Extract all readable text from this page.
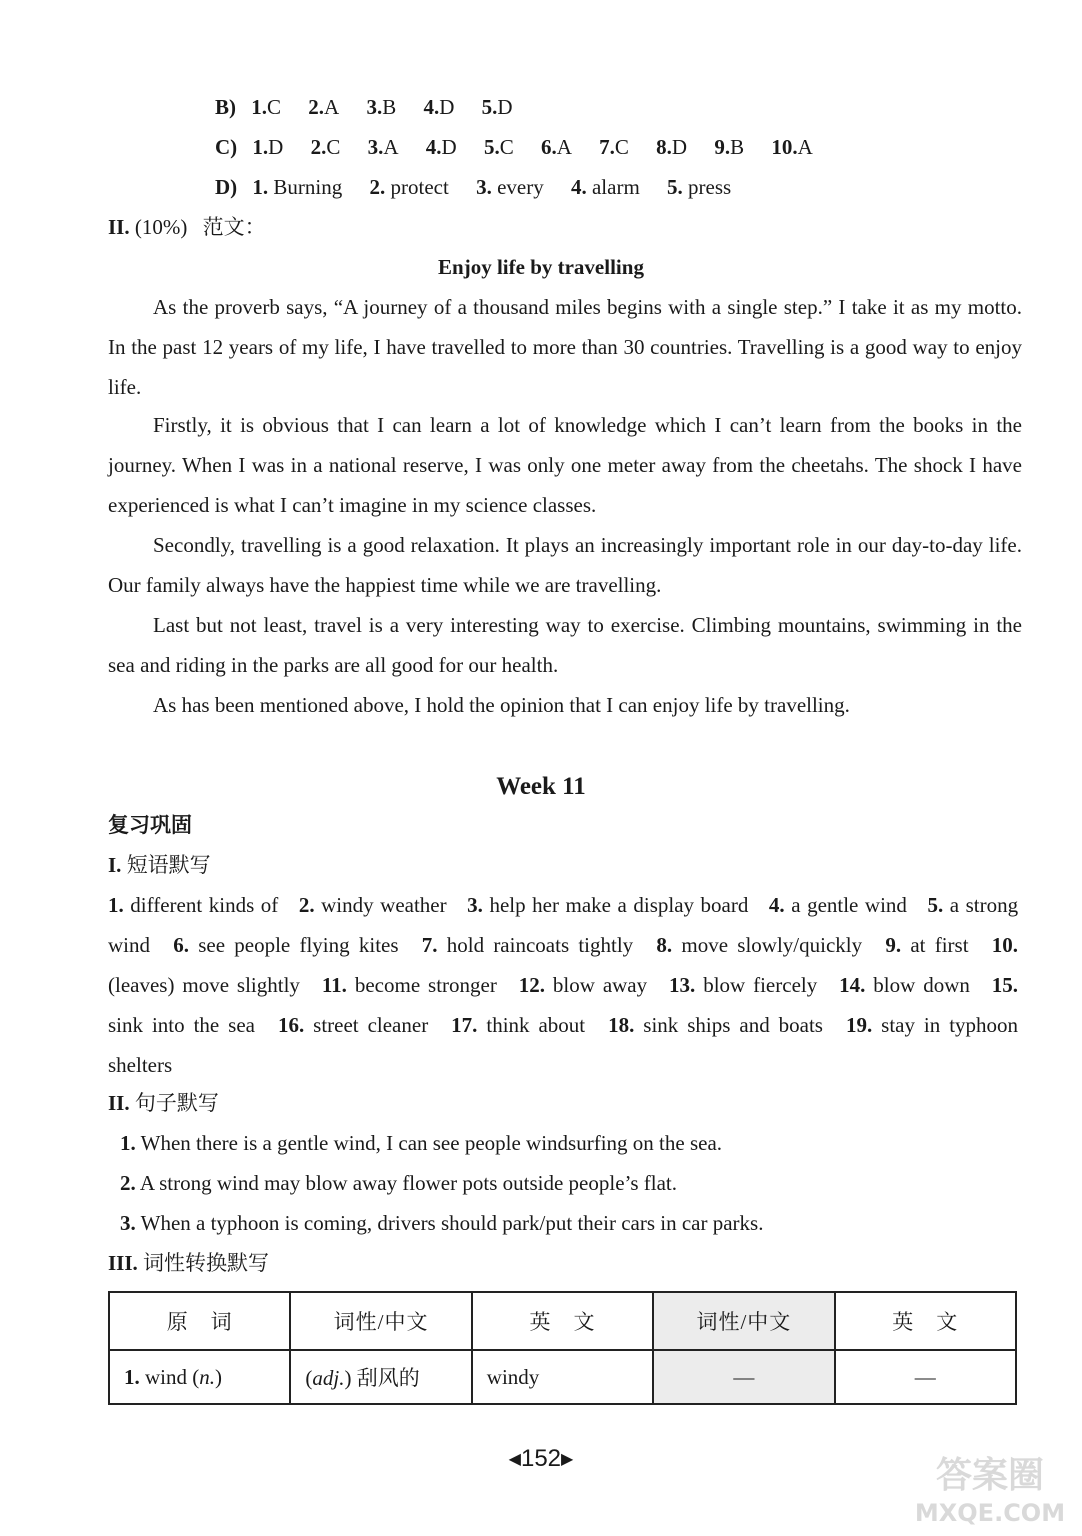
B) 1.C 2.A 3.B 4.D 5.D
C) 1.D 2.C 3.A 4.D 5.C 6.A 7.C 8.D 9.B 10.A
D) 1. Burning 2. protect 3. every 4. alarm 5. press
II. (10%) 范文：
Enjoy life by travelling
As the proverb says, “A journey of a thousand miles begins with a single step.” I take it as my motto. In the past 12 years of my life, I have travelled to more than 30 countries. Travelling is a good way to enjoy life.
Firstly, it is obvious that I can learn a lot of knowledge which I can’t learn from the books in the journey. When I was in a national reserve, I was only one meter away from the cheetahs. The shock I have experienced is what I can’t imagine in my science classes.
Secondly, travelling is a good relaxation. It plays an increasingly important role in our day-to-day life. Our family always have the happiest time while we are travelling.
Last but not least, travel is a very interesting way to exercise. Climbing mountains, swimming in the sea and riding in the parks are all good for our health.
As has been mentioned above, I hold the opinion that I can enjoy life by travelling.
Week 11
复习巩固
I. 短语默写
1. different kinds of 2. windy weather 3. help her make a display board 4. a gentle wind 5. a strong wind 6. see people flying kites 7. hold raincoats tightly 8. move slowly/quickly 9. at first 10. (leaves) move slightly 11. become stronger 12. blow away 13. blow fiercely 14. blow down 15. sink into the sea 16. street cleaner 17. think about 18. sink ships and boats 19. stay in typhoon shelters
II. 句子默写
1. When there is a gentle wind, I can see people windsurfing on the sea.
2. A strong wind may blow away flower pots outside people’s flat.
3. When a typhoon is coming, drivers should park/put their cars in car parks.
III. 词性转换默写
原　词	词性/中文	英　文	词性/中文	英　文
1. wind (n.)	(adj.) 刮风的	windy	—	—
◀152▶	答案圈
MXQE.COM
